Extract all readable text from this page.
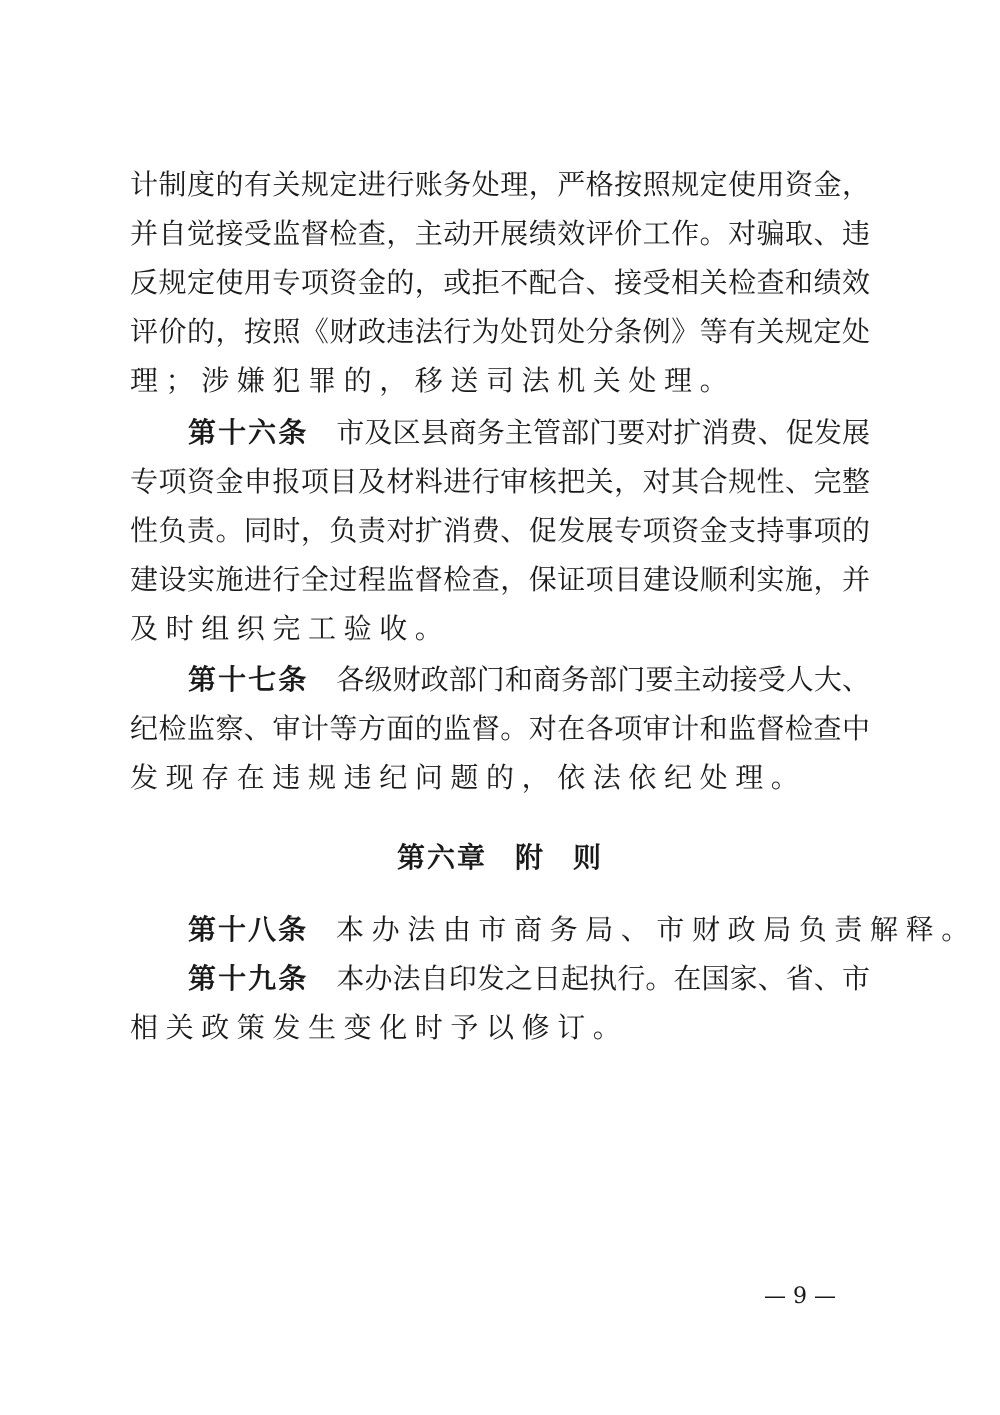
计制度的有关规定进行账务处理，严格按照规定使用资金，
并自觉接受监督检查，主动开展绩效评价工作。对骗取、违
反规定使用专项资金的，或拒不配合、接受相关检查和绩效
评价的，按照《财政违法行为处罚处分条例》等有关规定处
理；涉嫌犯罪的，移送司法机关处理。
第十六条 市及区县商务主管部门要对扩消费、促发展
专项资金申报项目及材料进行审核把关，对其合规性、完整
性负责。同时，负责对扩消费、促发展专项资金支持事项的
建设实施进行全过程监督检查，保证项目建设顺利实施，并
及时组织完工验收。
第十七条 各级财政部门和商务部门要主动接受人大、
纪检监察、审计等方面的监督。对在各项审计和监督检查中
发现存在违规违纪问题的，依法依纪处理。
第六章 附 则
第十八条 本办法由市商务局、市财政局负责解释。
第十九条 本办法自印发之日起执行。在国家、省、市
相关政策发生变化时予以修订。
— 9 —
